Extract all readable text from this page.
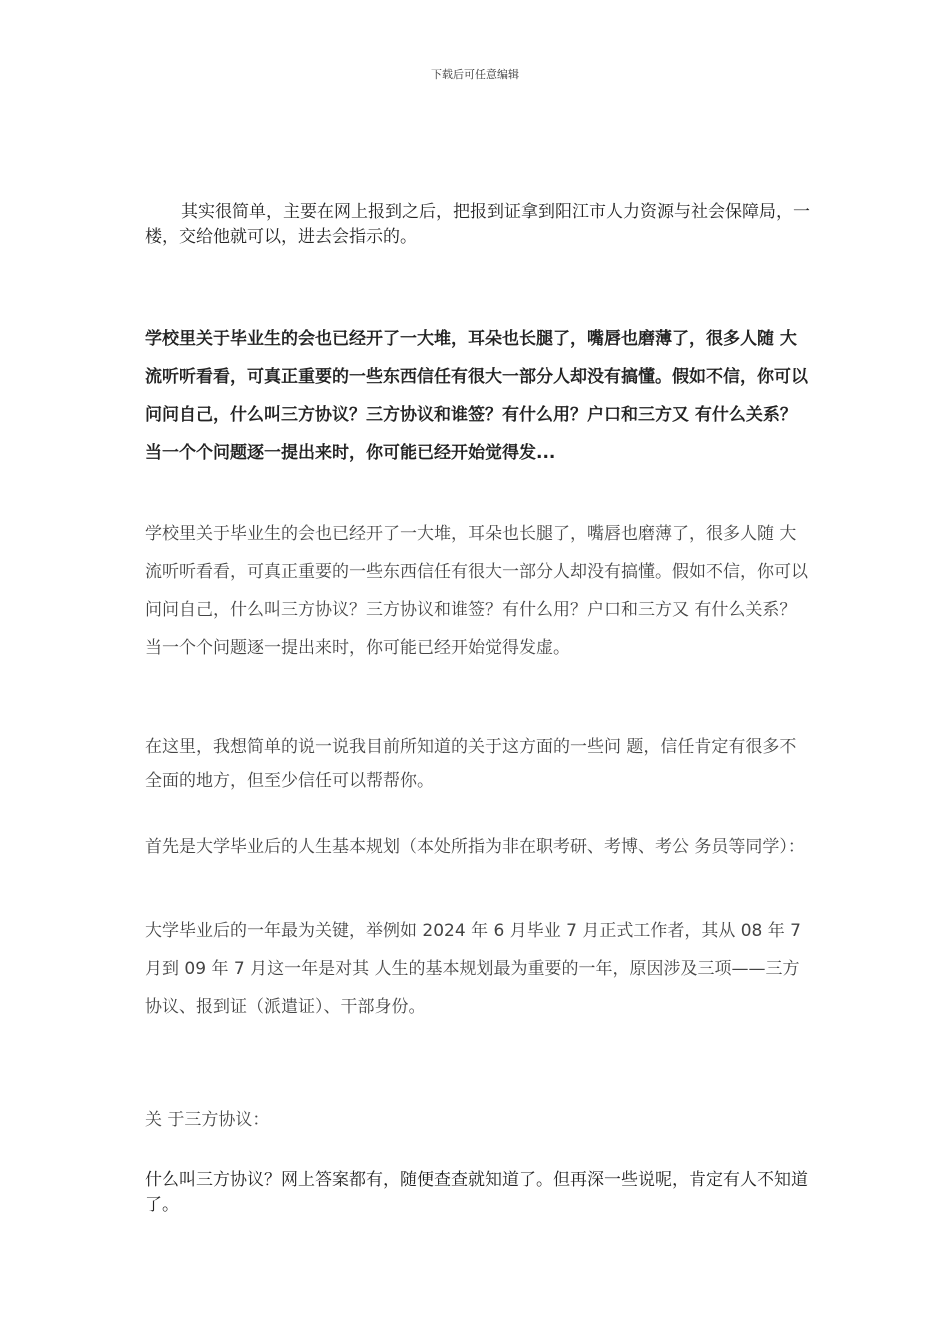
下载后可任意编辑
其实很简单，主要在网上报到之后，把报到证拿到阳江市人力资源与社会保障局，一楼，交给他就可以，进去会指示的。
学校里关于毕业生的会也已经开了一大堆，耳朵也长腿了，嘴唇也磨薄了，很多人随 大流听听看看，可真正重要的一些东西信任有很大一部分人却没有搞懂。假如不信，你可以问问自己，什么叫三方协议？三方协议和谁签？有什么用？户口和三方又 有什么关系？当一个个问题逐一提出来时，你可能已经开始觉得发...
学校里关于毕业生的会也已经开了一大堆，耳朵也长腿了，嘴唇也磨薄了，很多人随 大流听听看看，可真正重要的一些东西信任有很大一部分人却没有搞懂。假如不信，你可以问问自己，什么叫三方协议？三方协议和谁签？有什么用？户口和三方又 有什么关系？当一个个问题逐一提出来时，你可能已经开始觉得发虚。
在这里，我想简单的说一说我目前所知道的关于这方面的一些问 题，信任肯定有很多不全面的地方，但至少信任可以帮帮你。
首先是大学毕业后的人生基本规划（本处所指为非在职考研、考博、考公 务员等同学）：
大学毕业后的一年最为关键，举例如 2024 年 6 月毕业 7 月正式工作者，其从 08 年 7 月到 09 年 7 月这一年是对其 人生的基本规划最为重要的一年，原因涉及三项——三方协议、报到证（派遣证）、干部身份。
关 于三方协议：
什么叫三方协议？网上答案都有，随便查查就知道了。但再深一些说呢，肯定有人不知道了。
